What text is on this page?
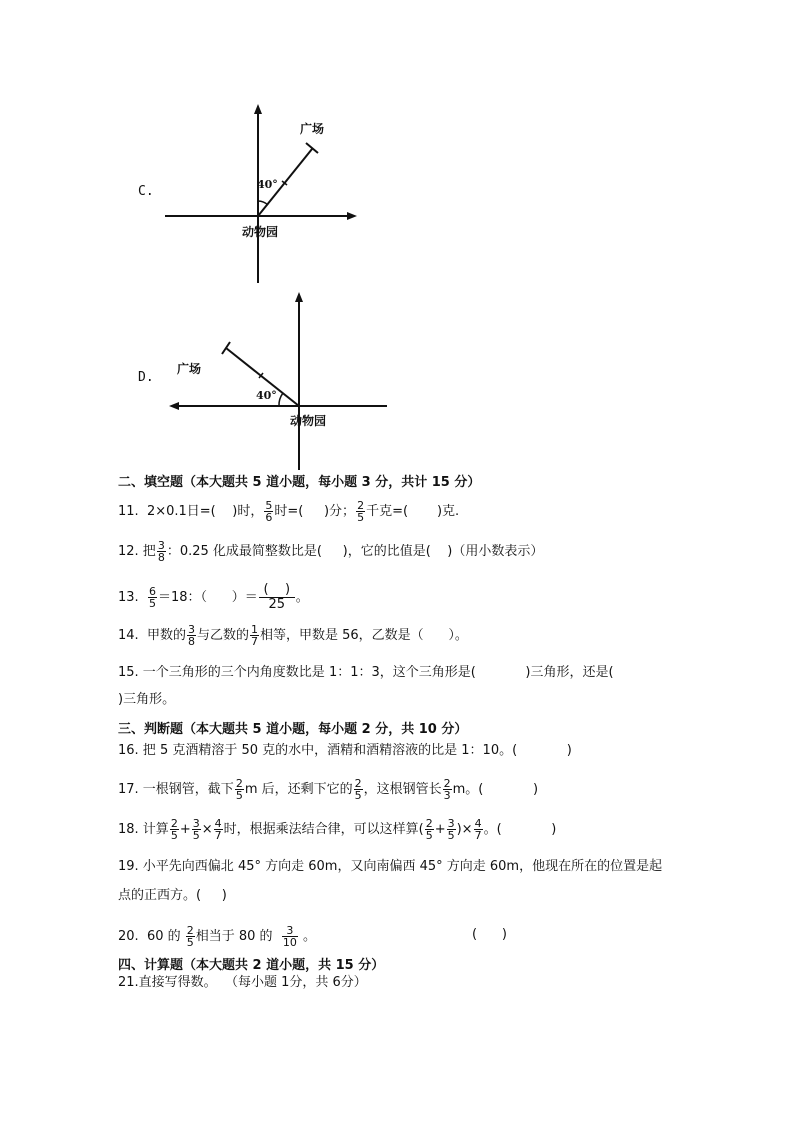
C.
广场
40°
动物园
D.
广场
40°
动物园
二、填空题（本大题共 5 道小题，每小题 3 分，共计 15 分）
11.  2×0.1日=(    )时， $\frac{5}{6}$ 时=(     )分； $\frac{2}{5}$ 千克=(       )克.
12. 把 $\frac{3}{8}$ ：0.25 化成最简整数比是(     )，它的比值是(    )（用小数表示）
13. $\frac{6}{5} =18$：（      ）＝ $\frac{( )}{25}$ 。
14.  甲数的 $\frac{3}{8}$ 与乙数的 $\frac{1}{7}$ 相等，甲数是 56，乙数是（      ）。
15. 一个三角形的三个内角度数比是 1：1：3，这个三角形是(            )三角形，还是(
)三角形。
三、判断题（本大题共 5 道小题，每小题 2 分，共 10 分）
16. 把 5 克酒精溶于 50 克的水中，酒精和酒精溶液的比是 1：10。(            )
17. 一根钢管，截下 $\frac{2}{5}$ m 后，还剩下它的 $\frac{2}{5}$ ，这根钢管长 $\frac{2}{3}$ m。(            )
18. 计算 $\frac{2}{5} + \frac{3}{5} \times \frac{4}{7}$ 时，根据乘法结合律，可以这样算( $\frac{2}{5} + \frac{3}{5}$ )× $\frac{4}{7}$ 。(            )
19. 小平先向西偏北 45° 方向走 60m，又向南偏西 45° 方向走 60m，他现在所在的位置是起
点的正西方。(     )
20.  60 的 $\frac{2}{5}$ 相当于 80 的 $\frac{3}{10}$ 。	(      )
四、计算题（本大题共 2 道小题，共 15 分）
21.直接写得数。  （每小题 1分，共 6分）
